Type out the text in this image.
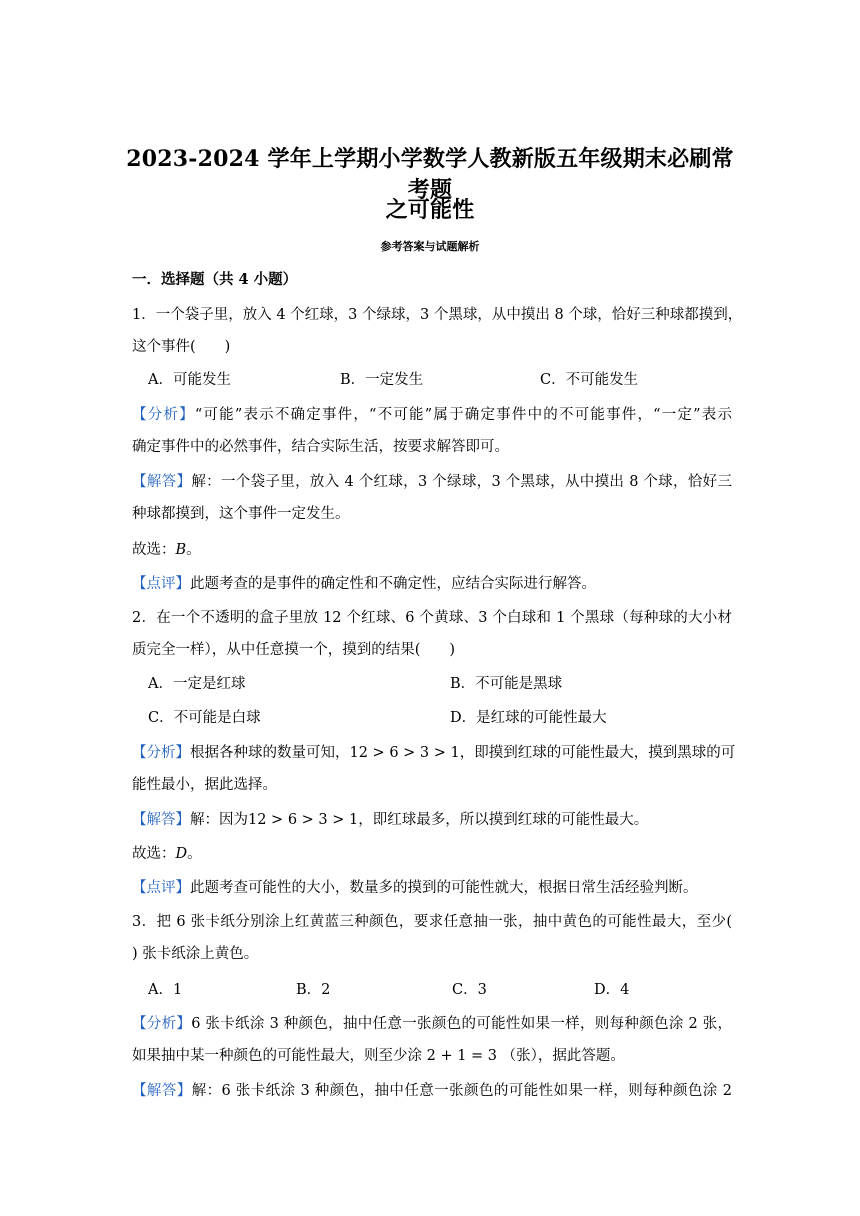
2023-2024 学年上学期小学数学人教新版五年级期末必刷常考题
之可能性
参考答案与试题解析
一．选择题（共 4 小题）
1．一个袋子里，放入 4 个红球，3 个绿球，3 个黑球，从中摸出 8 个球，恰好三种球都摸到，
这个事件(　　)
A．可能发生	B．一定发生	C．不可能发生
【分析】“可能”表示不确定事件，“不可能”属于确定事件中的不可能事件，“一定”表示
确定事件中的必然事件，结合实际生活，按要求解答即可。
【解答】解：一个袋子里，放入 4 个红球，3 个绿球，3 个黑球，从中摸出 8 个球，恰好三
种球都摸到，这个事件一定发生。
故选：B。
【点评】此题考查的是事件的确定性和不确定性，应结合实际进行解答。
2．在一个不透明的盒子里放 12 个红球、6 个黄球、3 个白球和 1 个黑球（每种球的大小材
质完全一样），从中任意摸一个，摸到的结果(　　)
A．一定是红球	B．不可能是黑球
C．不可能是白球	D．是红球的可能性最大
【分析】根据各种球的数量可知，12 > 6 > 3 > 1，即摸到红球的可能性最大，摸到黑球的可
能性最小，据此选择。
【解答】解：因为12 > 6 > 3 > 1，即红球最多，所以摸到红球的可能性最大。
故选：D。
【点评】此题考查可能性的大小，数量多的摸到的可能性就大，根据日常生活经验判断。
3．把 6 张卡纸分别涂上红黄蓝三种颜色，要求任意抽一张，抽中黄色的可能性最大，至少(
) 张卡纸涂上黄色。
A．1	B．2	C．3	D．4
【分析】6 张卡纸涂 3 种颜色，抽中任意一张颜色的可能性如果一样，则每种颜色涂 2 张，
如果抽中某一种颜色的可能性最大，则至少涂 2 + 1 = 3 （张），据此答题。
【解答】解：6 张卡纸涂 3 种颜色，抽中任意一张颜色的可能性如果一样，则每种颜色涂 2
